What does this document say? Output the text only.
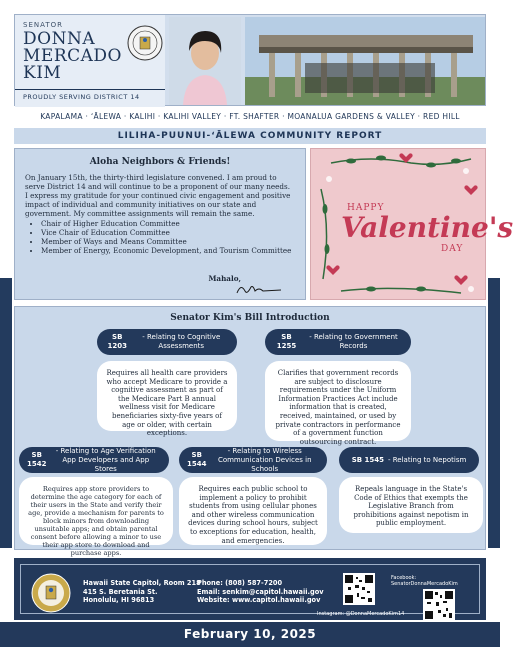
SENATOR
DONNA
MERCADO
KIM
PROUDLY SERVING DISTRICT 14
KAPALAMA · ʻĀLEWA · KALIHI · KALIHI VALLEY · FT. SHAFTER · MOANALUA GARDENS & VALLEY · RED HILL
LILIHA-PUUNUI-ʻĀLEWA COMMUNITY REPORT
Aloha Neighbors & Friends!
On January 15th, the thirty-third legislature convened. I am proud to serve District 14 and will continue to be a proponent of our many needs. I express my gratitude for your continued civic engagement and positive impact of individual and community initiatives on our state and government. My committee assignments will remain the same.
• Chair of Higher Education Committee
• Vice Chair of Education Committee
• Member of Ways and Means Committee
• Member of Energy, Economic Development, and Tourism Committee
Mahalo,
HAPPY
Valentine's
DAY
Senator Kim's Bill Introduction
SB 1203
- Relating to Cognitive Assessments
Requires all health care providers who accept Medicare to provide a cognitive assessment as part of the Medicare Part B annual wellness visit for Medicare beneficiaries sixty-five years of age or older, with certain exceptions.
SB 1255
- Relating to Government Records
Clarifies that government records are subject to disclosure requirements under the Uniform Information Practices Act include information that is created, received, maintained, or used by private contractors in performance of a government function outsourcing contract.
SB 1542
- Relating to Age Verification App Developers and App Stores
Requires app store providers to determine the age category for each of their users in the State and verify their age, provide a mechanism for parents to block minors from downloading unsuitable apps; and obtain parental consent before allowing a minor to use their app store to download and purchase apps.
SB 1544
- Relating to Wireless Communication Devices in Schools
Requires each public school to implement a policy to prohibit students from using cellular phones and other wireless communication devices during school hours, subject to exceptions for education, health, and emergencies.
SB 1545 - Relating to Nepotism
Repeals language in the State's Code of Ethics that exempts the Legislative Branch from prohibitions against nepotism in public employment.
Hawaii State Capitol, Room 218
415 S. Beretania St.
Honolulu, HI 96813
Phone: (808) 587-7200
Email: senkim@capitol.hawaii.gov
Website: www.capitol.hawaii.gov
Facebook: SenatorDonnaMercadoKim
Instagram: @DonnaMercadoKim14
February 10, 2025
